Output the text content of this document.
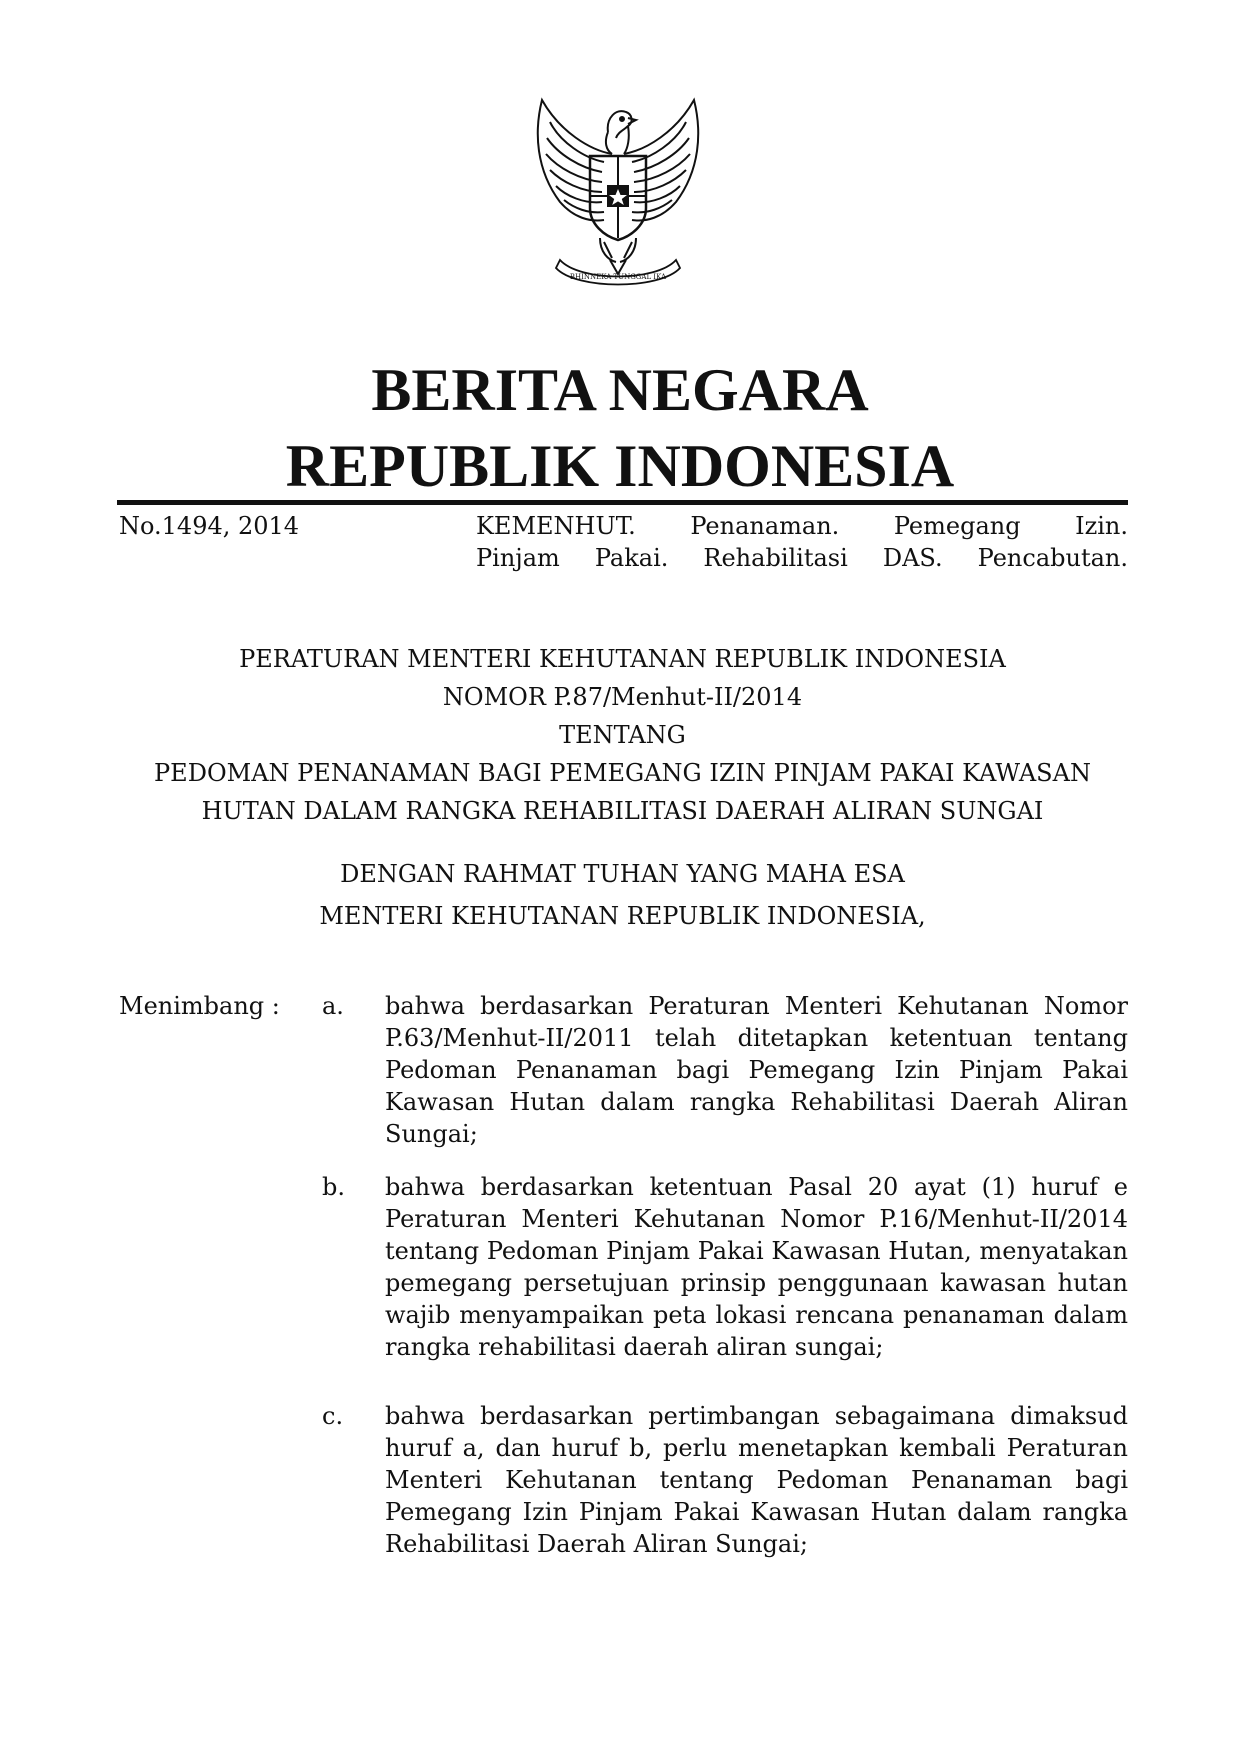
BHINNEKA TUNGGAL IKA
BERITA NEGARA
REPUBLIK INDONESIA

No.1494, 2014	KEMENHUT. Penanaman. Pemegang Izin.
Pinjam Pakai. Rehabilitasi DAS. Pencabutan.

PERATURAN MENTERI KEHUTANAN REPUBLIK INDONESIA
NOMOR P.87/Menhut-II/2014
TENTANG
PEDOMAN PENANAMAN BAGI PEMEGANG IZIN PINJAM PAKAI KAWASAN
HUTAN DALAM RANGKA REHABILITASI DAERAH ALIRAN SUNGAI
DENGAN RAHMAT TUHAN YANG MAHA ESA
MENTERI KEHUTANAN REPUBLIK INDONESIA,

Menimbang : a.	bahwa berdasarkan Peraturan Menteri Kehutanan Nomor P.63/Menhut-II/2011 telah ditetapkan ketentuan tentang Pedoman Penanaman bagi Pemegang Izin Pinjam Pakai Kawasan Hutan dalam rangka Rehabilitasi Daerah Aliran Sungai;
b.	bahwa berdasarkan ketentuan Pasal 20 ayat (1) huruf e Peraturan Menteri Kehutanan Nomor P.16/Menhut-II/2014 tentang Pedoman Pinjam Pakai Kawasan Hutan, menyatakan pemegang persetujuan prinsip penggunaan kawasan hutan wajib menyampaikan peta lokasi rencana penanaman dalam rangka rehabilitasi daerah aliran sungai;
c.	bahwa berdasarkan pertimbangan sebagaimana dimaksud huruf a, dan huruf b, perlu menetapkan kembali Peraturan Menteri Kehutanan tentang Pedoman Penanaman bagi Pemegang Izin Pinjam Pakai Kawasan Hutan dalam rangka Rehabilitasi Daerah Aliran Sungai;
